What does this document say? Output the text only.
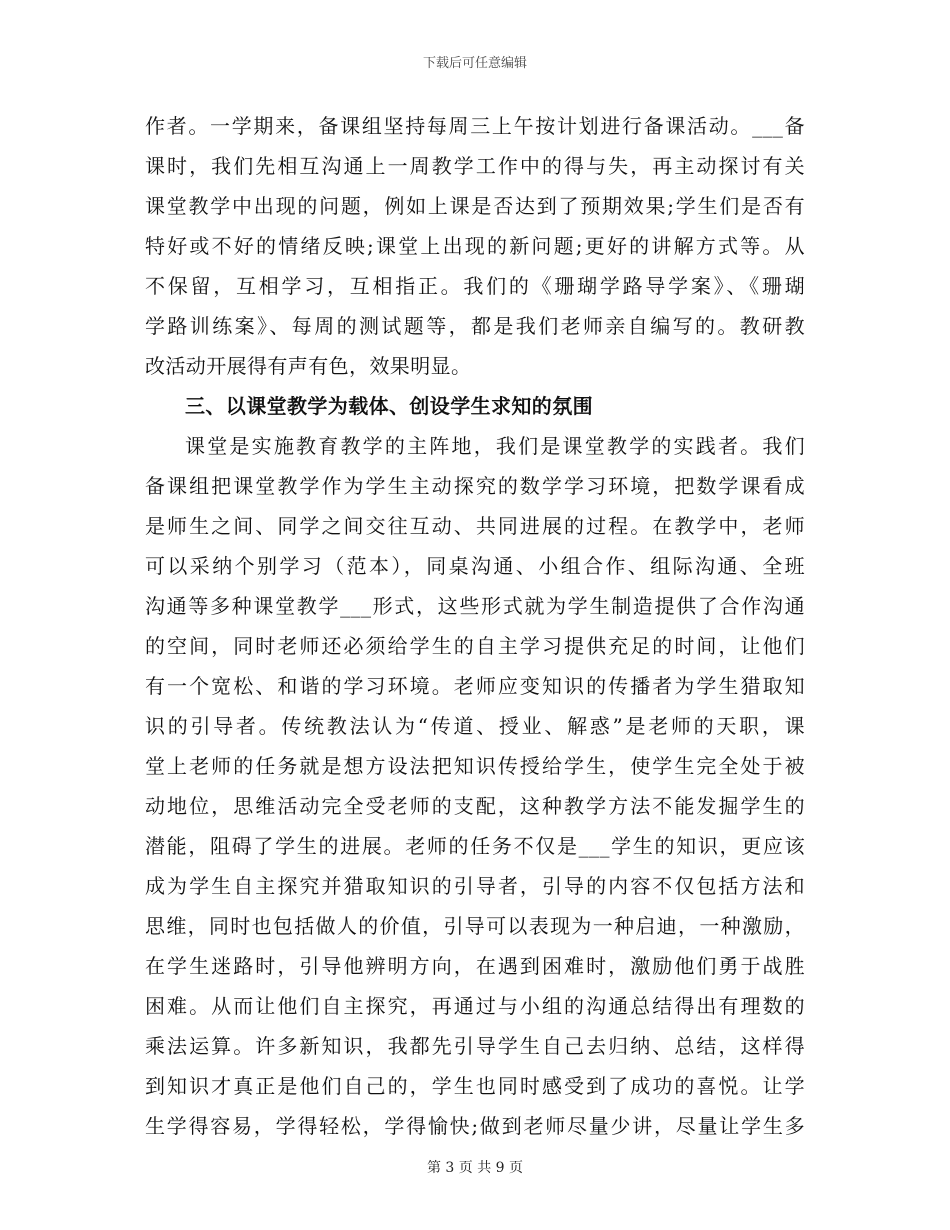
下载后可任意编辑
作者。一学期来，备课组坚持每周三上午按计划进行备课活动。___备
课时，我们先相互沟通上一周教学工作中的得与失，再主动探讨有关
课堂教学中出现的问题，例如上课是否达到了预期效果;学生们是否有
特好或不好的情绪反映;课堂上出现的新问题;更好的讲解方式等。从
不保留，互相学习，互相指正。我们的《珊瑚学路导学案》、《珊瑚
学路训练案》、每周的测试题等，都是我们老师亲自编写的。教研教
改活动开展得有声有色，效果明显。
三、以课堂教学为载体、创设学生求知的氛围
课堂是实施教育教学的主阵地，我们是课堂教学的实践者。我们
备课组把课堂教学作为学生主动探究的数学学习环境，把数学课看成
是师生之间、同学之间交往互动、共同进展的过程。在教学中，老师
可以采纳个别学习（范本），同桌沟通、小组合作、组际沟通、全班
沟通等多种课堂教学___形式，这些形式就为学生制造提供了合作沟通
的空间，同时老师还必须给学生的自主学习提供充足的时间，让他们
有一个宽松、和谐的学习环境。老师应变知识的传播者为学生猎取知
识的引导者。传统教法认为“传道、授业、解惑”是老师的天职，课
堂上老师的任务就是想方设法把知识传授给学生，使学生完全处于被
动地位，思维活动完全受老师的支配，这种教学方法不能发掘学生的
潜能，阻碍了学生的进展。老师的任务不仅是___学生的知识，更应该
成为学生自主探究并猎取知识的引导者，引导的内容不仅包括方法和
思维，同时也包括做人的价值，引导可以表现为一种启迪，一种激励，
在学生迷路时，引导他辨明方向，在遇到困难时，激励他们勇于战胜
困难。从而让他们自主探究，再通过与小组的沟通总结得出有理数的
乘法运算。许多新知识，我都先引导学生自己去归纳、总结，这样得
到知识才真正是他们自己的，学生也同时感受到了成功的喜悦。让学
生学得容易，学得轻松，学得愉快;做到老师尽量少讲，尽量让学生多
第 3 页 共 9 页
